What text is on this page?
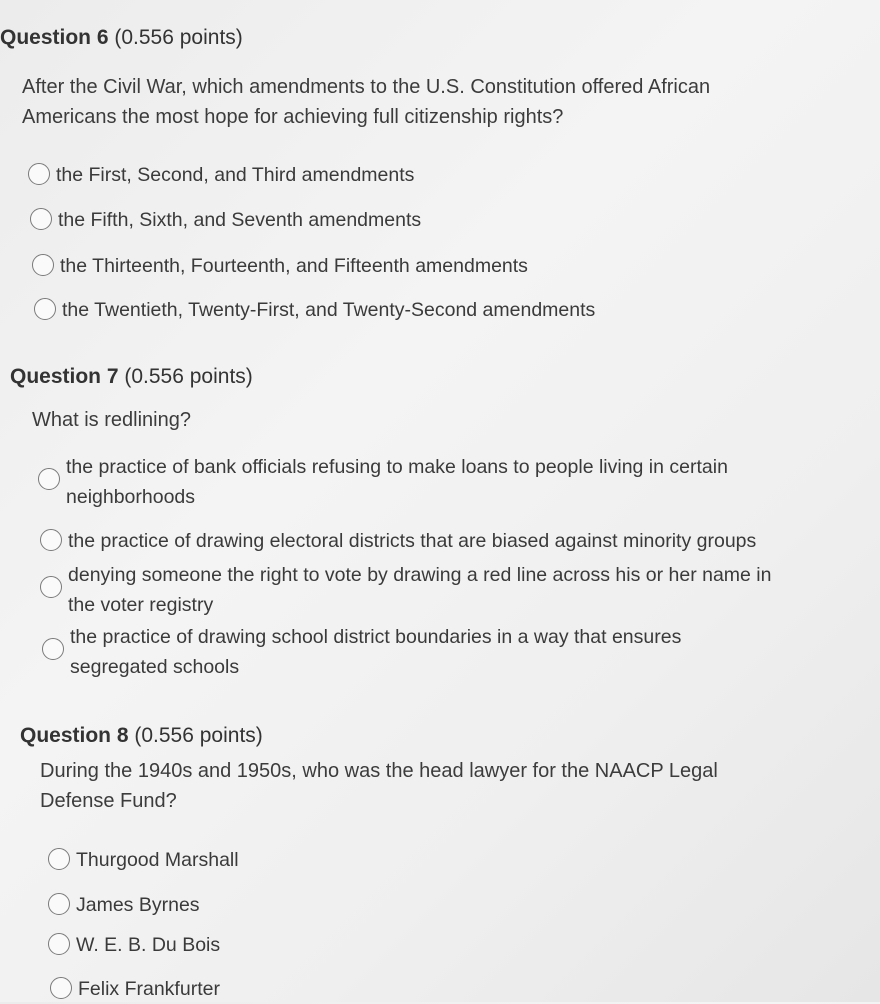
Question 6 (0.556 points)
After the Civil War, which amendments to the U.S. Constitution offered African Americans the most hope for achieving full citizenship rights?
the First, Second, and Third amendments
the Fifth, Sixth, and Seventh amendments
the Thirteenth, Fourteenth, and Fifteenth amendments
the Twentieth, Twenty-First, and Twenty-Second amendments
Question 7 (0.556 points)
What is redlining?
the practice of bank officials refusing to make loans to people living in certain neighborhoods
the practice of drawing electoral districts that are biased against minority groups
denying someone the right to vote by drawing a red line across his or her name in the voter registry
the practice of drawing school district boundaries in a way that ensures segregated schools
Question 8 (0.556 points)
During the 1940s and 1950s, who was the head lawyer for the NAACP Legal Defense Fund?
Thurgood Marshall
James Byrnes
W. E. B. Du Bois
Felix Frankfurter
